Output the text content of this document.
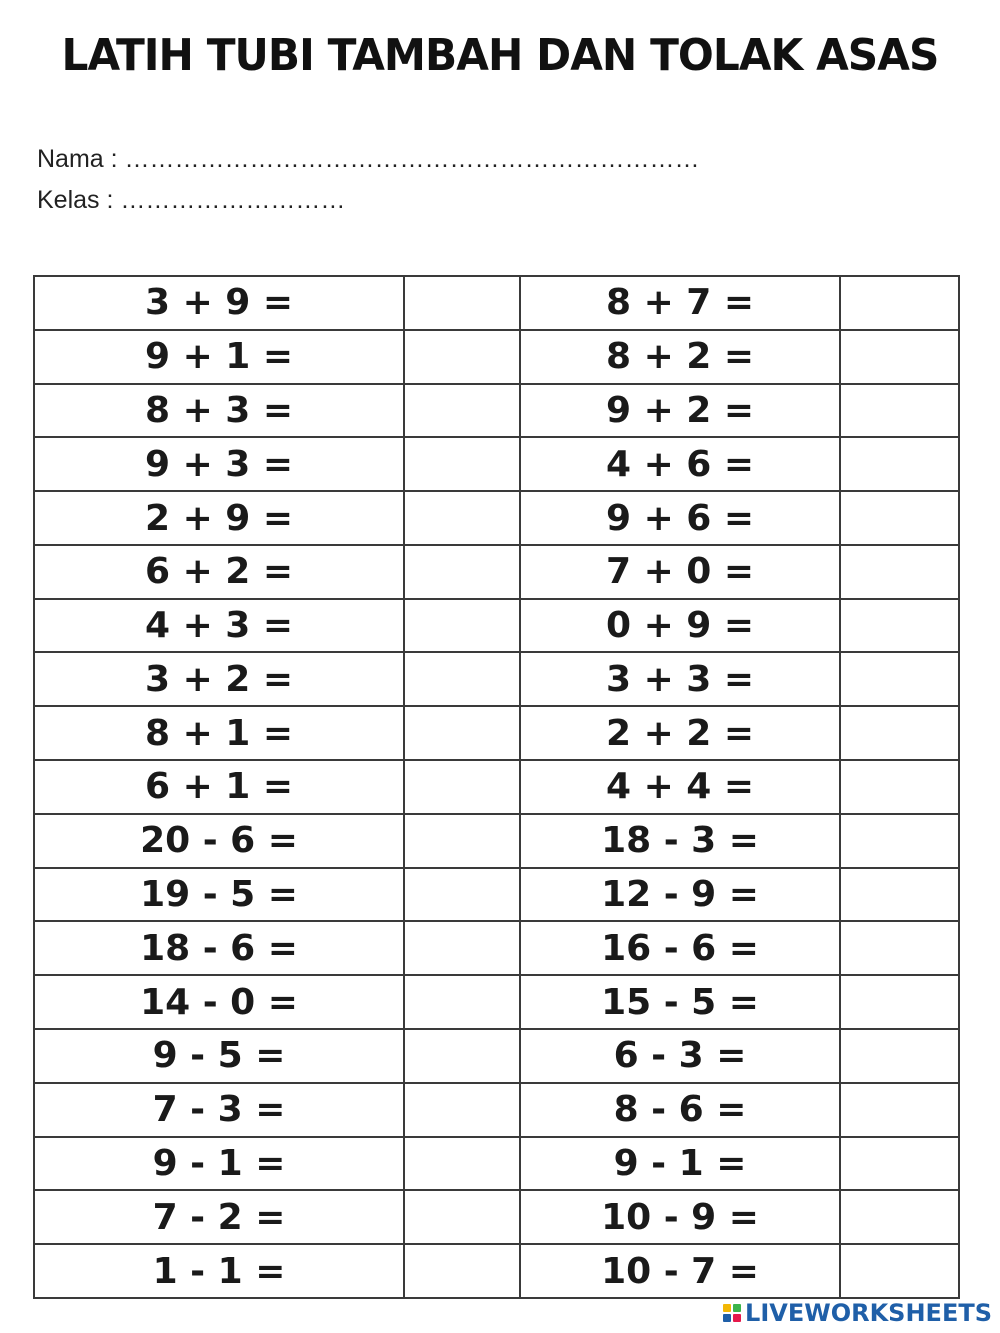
LATIH TUBI TAMBAH DAN TOLAK ASAS
Nama : ……………………………………………………………
Kelas : ………………………
3 + 9 =		8 + 7 =	
9 + 1 =		8 + 2 =	
8 + 3 =		9 + 2 =	
9 + 3 =		4 + 6 =	
2 + 9 =		9 + 6 =	
6 + 2 =		7 + 0 =	
4 + 3 =		0 + 9 =	
3 + 2 =		3 + 3 =	
8 + 1 =		2 + 2 =	
6 + 1 =		4 + 4 =	
20 - 6 =		18 - 3 =	
19 - 5 =		12 - 9 =	
18 - 6 =		16 - 6 =	
14 - 0 =		15 - 5 =	
9 - 5 =		6 - 3 =	
7 - 3 =		8 - 6 =	
9 - 1 =		9 - 1 =	
7 - 2 =		10 - 9 =	
1 - 1 =		10 - 7 =	
LIVEWORKSHEETS
